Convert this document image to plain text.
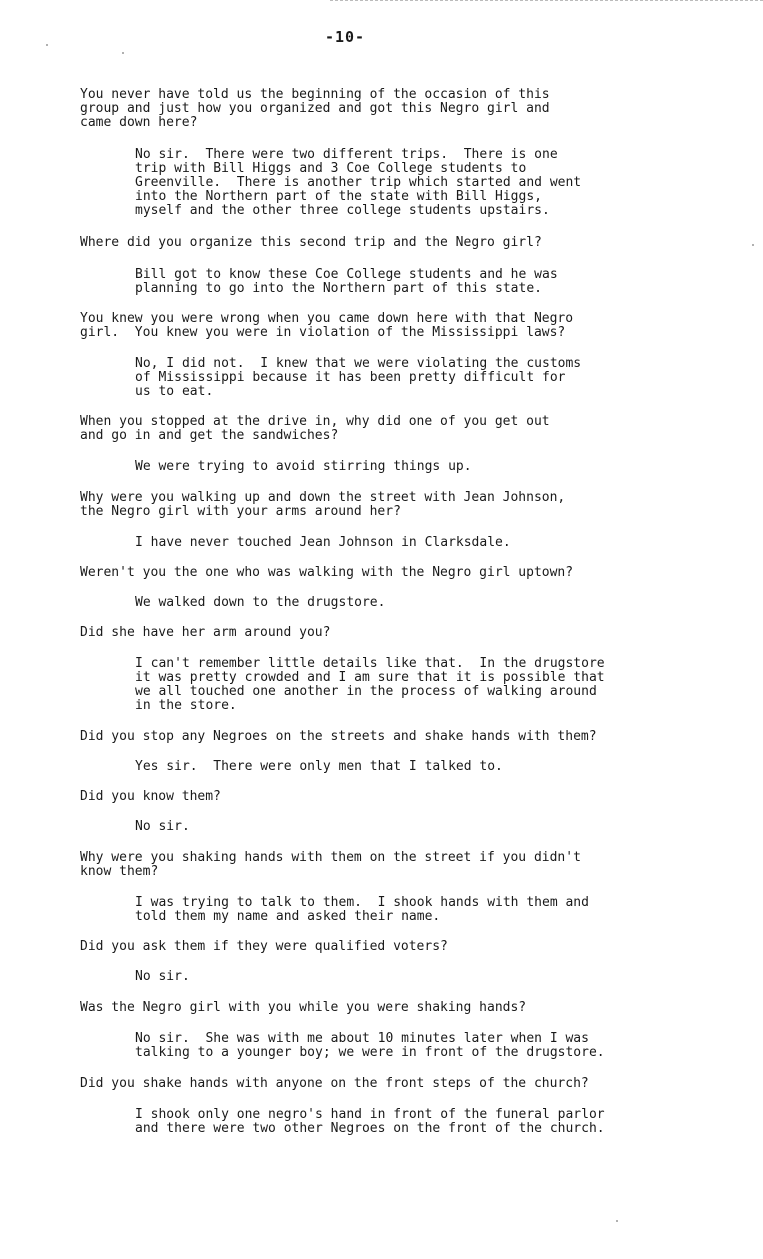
-10-
You never have told us the beginning of the occasion of this
group and just how you organized and got this Negro girl and
came down here?
No sir.  There were two different trips.  There is one
trip with Bill Higgs and 3 Coe College students to
Greenville.  There is another trip which started and went
into the Northern part of the state with Bill Higgs,
myself and the other three college students upstairs.
Where did you organize this second trip and the Negro girl?
Bill got to know these Coe College students and he was
planning to go into the Northern part of this state.
You knew you were wrong when you came down here with that Negro
girl.  You knew you were in violation of the Mississippi laws?
No, I did not.  I knew that we were violating the customs
of Mississippi because it has been pretty difficult for
us to eat.
When you stopped at the drive in, why did one of you get out
and go in and get the sandwiches?
We were trying to avoid stirring things up.
Why were you walking up and down the street with Jean Johnson,
the Negro girl with your arms around her?
I have never touched Jean Johnson in Clarksdale.
Weren't you the one who was walking with the Negro girl uptown?
We walked down to the drugstore.
Did she have her arm around you?
I can't remember little details like that.  In the drugstore
it was pretty crowded and I am sure that it is possible that
we all touched one another in the process of walking around
in the store.
Did you stop any Negroes on the streets and shake hands with them?
Yes sir.  There were only men that I talked to.
Did you know them?
No sir.
Why were you shaking hands with them on the street if you didn't
know them?
I was trying to talk to them.  I shook hands with them and
told them my name and asked their name.
Did you ask them if they were qualified voters?
No sir.
Was the Negro girl with you while you were shaking hands?
No sir.  She was with me about 10 minutes later when I was
talking to a younger boy; we were in front of the drugstore.
Did you shake hands with anyone on the front steps of the church?
I shook only one negro's hand in front of the funeral parlor
and there were two other Negroes on the front of the church.
